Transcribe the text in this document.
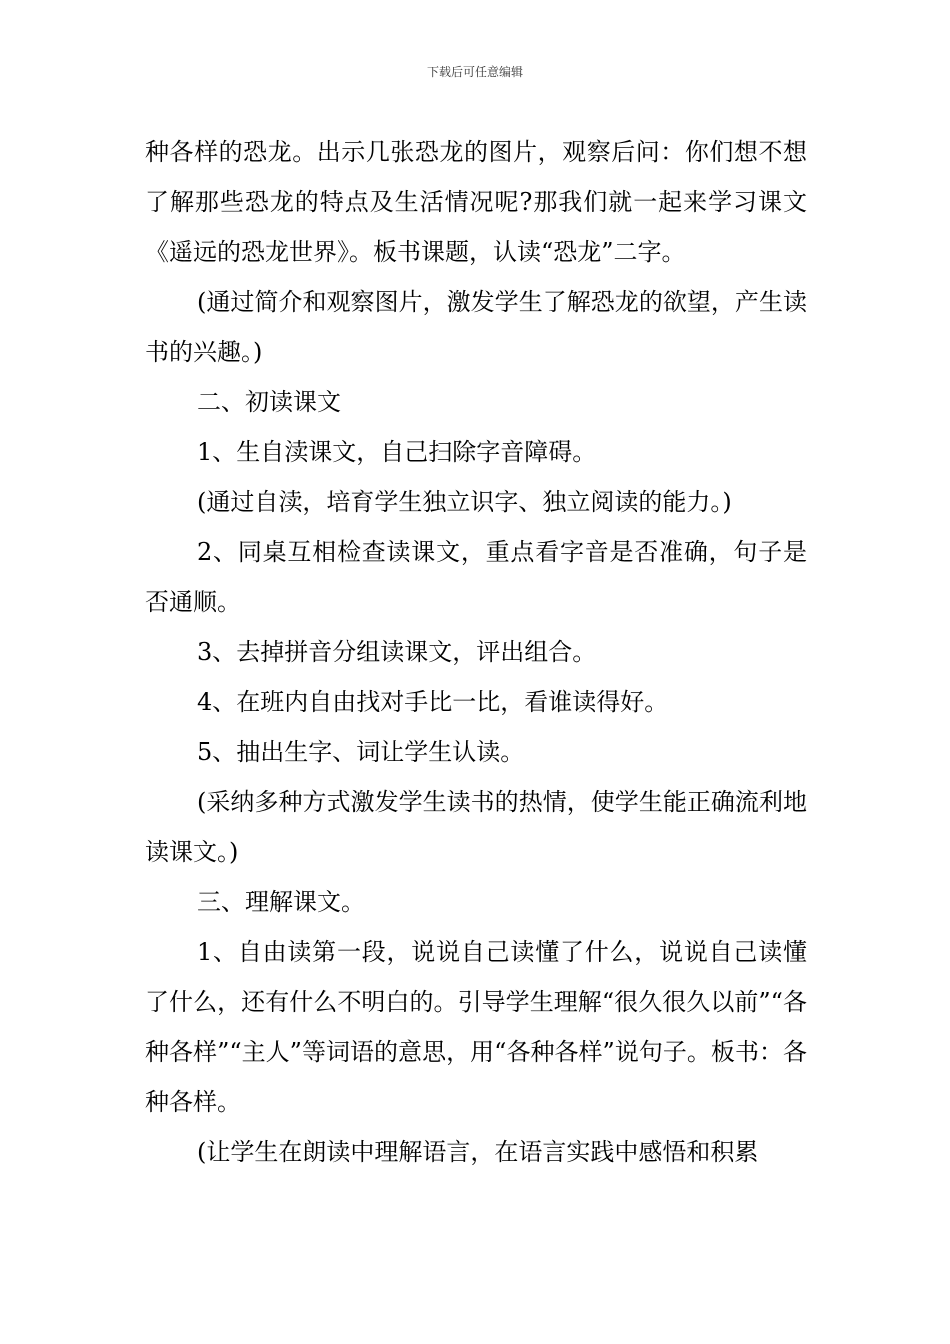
下载后可任意编辑

种各样的恐龙。出示几张恐龙的图片，观察后问：你们想不想了解那些恐龙的特点及生活情况呢?那我们就一起来学习课文《遥远的恐龙世界》。板书课题，认读“恐龙”二字。

(通过简介和观察图片，激发学生了解恐龙的欲望，产生读书的兴趣。)

二、初读课文

1、生自渎课文，自己扫除字音障碍。

(通过自渎，培育学生独立识字、独立阅读的能力。)

2、同桌互相检查读课文，重点看字音是否准确，句子是否通顺。

3、去掉拼音分组读课文，评出组合。

4、在班内自由找对手比一比，看谁读得好。

5、抽出生字、词让学生认读。

(采纳多种方式激发学生读书的热情，使学生能正确流利地读课文。)

三、理解课文。

1、自由读第一段，说说自己读懂了什么，说说自己读懂了什么，还有什么不明白的。引导学生理解“很久很久以前”“各种各样”“主人”等词语的意思，用“各种各样”说句子。板书：各种各样。

(让学生在朗读中理解语言，在语言实践中感悟和积累
